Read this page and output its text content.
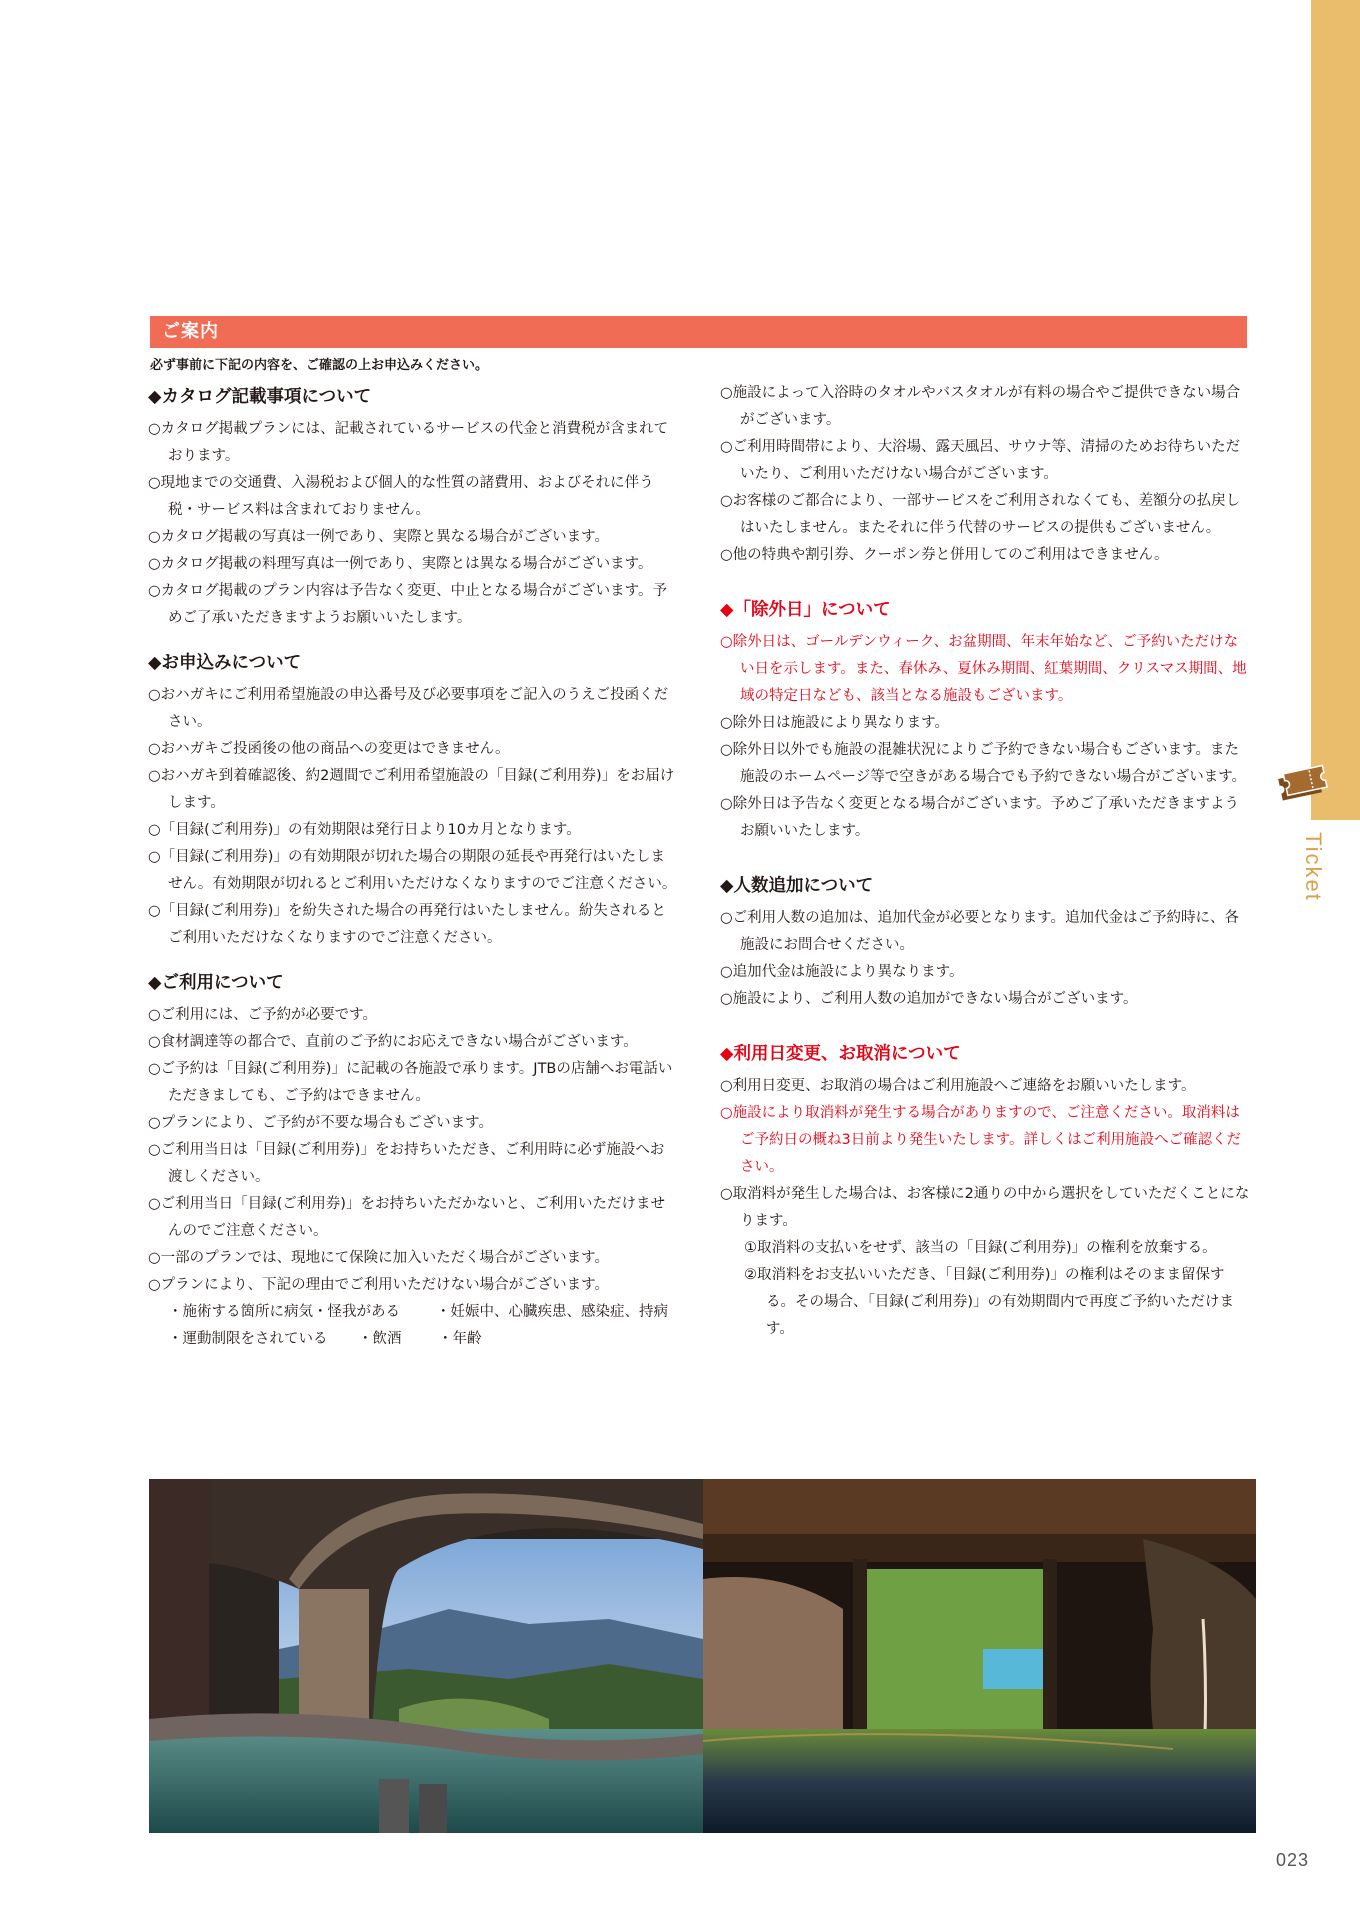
Ticket
ご案内
必ず事前に下記の内容を、ご確認の上お申込みください。
◆カタログ記載事項について
○カタログ掲載プランには、記載されているサービスの代金と消費税が含まれております。
○現地までの交通費、入湯税および個人的な性質の諸費用、およびそれに伴う税・サービス料は含まれておりません。
○カタログ掲載の写真は一例であり、実際と異なる場合がございます。
○カタログ掲載の料理写真は一例であり、実際とは異なる場合がございます。
○カタログ掲載のプラン内容は予告なく変更、中止となる場合がございます。予めご了承いただきますようお願いいたします。
◆お申込みについて
○おハガキにご利用希望施設の申込番号及び必要事項をご記入のうえご投函ください。
○おハガキご投函後の他の商品への変更はできません。
○おハガキ到着確認後、約2週間でご利用希望施設の「目録(ご利用券)」をお届けします。
○「目録(ご利用券)」の有効期限は発行日より10カ月となります。
○「目録(ご利用券)」の有効期限が切れた場合の期限の延長や再発行はいたしません。有効期限が切れるとご利用いただけなくなりますのでご注意ください。
○「目録(ご利用券)」を紛失された場合の再発行はいたしません。紛失されるとご利用いただけなくなりますのでご注意ください。
◆ご利用について
○ご利用には、ご予約が必要です。
○食材調達等の都合で、直前のご予約にお応えできない場合がございます。
○ご予約は「目録(ご利用券)」に記載の各施設で承ります。JTBの店舗へお電話いただきましても、ご予約はできません。
○プランにより、ご予約が不要な場合もございます。
○ご利用当日は「目録(ご利用券)」をお持ちいただき、ご利用時に必ず施設へお渡しください。
○ご利用当日「目録(ご利用券)」をお持ちいただかないと、ご利用いただけませんのでご注意ください。
○一部のプランでは、現地にて保険に加入いただく場合がございます。
○プランにより、下記の理由でご利用いただけない場合がございます。
・施術する箇所に病気・怪我がある	・妊娠中、心臓疾患、感染症、持病
・運動制限をされている	・飲酒	・年齢
○施設によって入浴時のタオルやバスタオルが有料の場合やご提供できない場合がございます。
○ご利用時間帯により、大浴場、露天風呂、サウナ等、清掃のためお待ちいただいたり、ご利用いただけない場合がございます。
○お客様のご都合により、一部サービスをご利用されなくても、差額分の払戻しはいたしません。またそれに伴う代替のサービスの提供もございません。
○他の特典や割引券、クーポン券と併用してのご利用はできません。
◆「除外日」について
○除外日は、ゴールデンウィーク、お盆期間、年末年始など、ご予約いただけない日を示します。また、春休み、夏休み期間、紅葉期間、クリスマス期間、地域の特定日なども、該当となる施設もございます。
○除外日は施設により異なります。
○除外日以外でも施設の混雑状況によりご予約できない場合もございます。また施設のホームページ等で空きがある場合でも予約できない場合がございます。
○除外日は予告なく変更となる場合がございます。予めご了承いただきますようお願いいたします。
◆人数追加について
○ご利用人数の追加は、追加代金が必要となります。追加代金はご予約時に、各施設にお問合せください。
○追加代金は施設により異なります。
○施設により、ご利用人数の追加ができない場合がございます。
◆利用日変更、お取消について
○利用日変更、お取消の場合はご利用施設へご連絡をお願いいたします。
○施設により取消料が発生する場合がありますので、ご注意ください。取消料はご予約日の概ね3日前より発生いたします。詳しくはご利用施設へご確認ください。
○取消料が発生した場合は、お客様に2通りの中から選択をしていただくことになります。
①取消料の支払いをせず、該当の「目録(ご利用券)」の権利を放棄する。
②取消料をお支払いいただき、「目録(ご利用券)」の権利はそのまま留保する。その場合、「目録(ご利用券)」の有効期間内で再度ご予約いただけます。
023
